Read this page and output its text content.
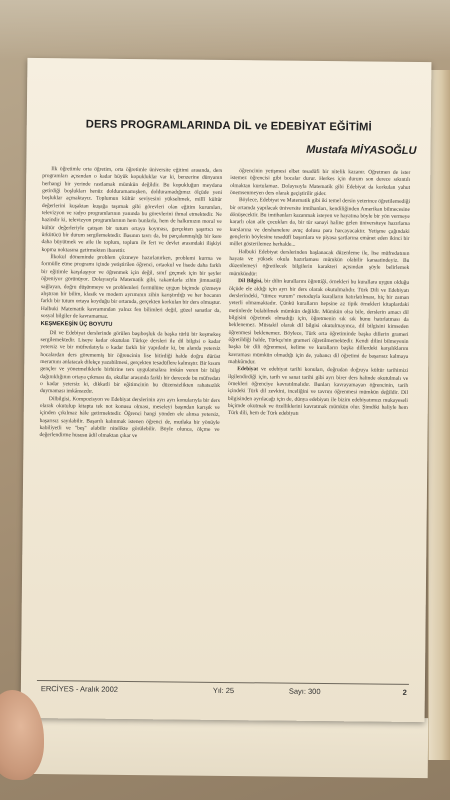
DERS PROGRAMLARINDA DİL ve EDEBİYAT EĞİTİMİ
Mustafa MİYASOĞLU

İlk öğretimle orta öğretim, orta öğretimle üniversite eğitimi arasında, ders programları açısından o kadar büyük kopukluklar var ki, benzerine dünyanın herhangi bir yerinde rastlamak mümkün değildir. Bu kopukluğun meydana getirdiği boşlukları henüz dolduramamışken, dolduramadığımız ölçüde yeni boşluklar açmaktayız. Toplumun kültür seviyesini yükseltmek, millî kültür değerlerini kuşaktan kuşağa taşımak gibi görevleri olan eğitim kurumları, televizyon ve radyo programlarının yanında bu görevlerini ihmal etmektedir. Ne hazindir ki, televizyon programlarının hem bunlarla, hem de halkımızın moral ve kültür değerleriyle çatışan bir tutum ortaya koyması, gerçekten şaşırtıcı ve ürkütücü bir durum sergilemektedir. Basının tavrı da, bu parçalanmışlığı bir kere daha büyütmek ve aile ile toplum, toplum ile fert ve devlet arasındaki ilişkiyi kopma noktasına getirmekten ibarettir.

İlkokul döneminde problem çözmeye hazırlanırken, problemi kurma ve formülle etme programı içinde yetiştirilen öğrenci, ortaokul ve lisede daha farklı bir eğitimle karşılaşıyor ve öğrenmek için değil, sınıf geçmek için bir şeyler öğreniyor görünüyor. Dolayısıyla Matematik gibi, rakamlarla zihin jimnastiği sağlayan, doğru düşünmeye ve problemleri formülüne uygun biçimde çözmeye alıştıran bir bilim, klasik ve modern ayrımının zihin karıştırdığı ve her hocanın farklı bir tutum ortaya koyduğu bir ortamda, gerçekten korkulan bir ders olmuştur. Halbuki Matematik kavramından yalnız fen bilimleri değil, güzel sanatlar da, sosyal bilgiler de kavramamaz.

KEŞMEKEŞİN ÜÇ BOYUTU

Dil ve Edebiyat derslerinde görülen başıboşluk da başka türlü bir keşmekeş sergilemektedir. Liseye kadar okutulan Türkçe dersleri ile dil bilgisi o kadar yetersiz ve bir müfredatıyla o kadar farklı bir yapıdadır ki, bu alanda yetersiz hocalardan ders görememiş bir öğrencinin lise bitirdiği halde doğru dürüst meramını anlatacak dilekçe yazabilmesi, gerçekten tesadüflere kalmıştır. Bir kısım gençler ve yönetmeliklerle birbirine ters uygulamalara imkân veren bir bilgi dağınıklığının ortaya çıkması da, okullar arasında farklı bir derecede bu müfredatı o kadar yetersiz ki, dikkatli bir eğitimcinin bu düzensizlikten rahatsızlık duymaması imkânsızdır.

Dilbilgisi, Kompozisyon ve Edebiyat derslerinin ayrı ayrı konularıyla bir ders olarak okutulup kitapta tek not konusu olması, meseleyi başından karışık ve içinden çıkılmaz hâle getirmektedir. Öğrenci hangi yönden ele alınsa yetersiz, başarısız sayılabilir. Başarılı kalınmak istenen öğrenci de, mutlaka bir yönüyle kabiliyetli ve "beş" alabilir nitelikte görülebilir. Böyle olunca, ölçme ve değerlendirme hususu âdil olmaktan çıkar ve

öğrencinin yetişmesi elbet tesadüfi bir nitelik kazanır. Öğretmen de ister istemez öğrencisi gibi bocalar durur. Herkes için durum son derece sıkıntılı olmaktan kurtulamaz. Dolayısıyla Matematik gibi Edebiyat da korkulan yahut önemsenmeyen ders olarak geçiştirilir gider.

Böylece, Edebiyat ve Matematik gibi iki temel dersin yeterince öğretilemediği bir ortamda yapılacak üniversite imtihanları, kendiliğinden Amerikan bilmecesine dönüşecektir. Bu imtihanları kazanmak isteyen ve hayatına böyle bir yön vermeye kararlı olan aile çocukları da, bir tür sanayi haline gelen üniversiteye hazırlama kurslarına ve dershanelere avuç dolusu para harcayacaktır. Yetişme çağındaki gençlerin böylesine tesadüfî başarılara ve piyasa şartlarına emânet eden ikinci bir millet gösterilemez herhalde...

Halbuki Edebiyat derslerinden başlanacak düzenleme ile, lise müfredatının hayata ve yüksek okula hazırlaması mümkün olabilir kanaatindeyiz. Bu düzenlemeyi öğretilecek bilgilerin karakteri açısından şöyle belirlemek mümkündür:

Dil Bilgisi, bir dilin kurallarını öğrettiği, örnekleri bu kurallara uygun olduğu ölçüde ele aldığı için ayrı bir ders olarak okutulmalıdır. Türk Dili ve Edebiyatı derslerindeki, "tümce vurum" metoduyla kuralların hatırlatılması, hiç bir zaman yeterli olmamaktadır. Çünkü kuralların hepsine az tipik örnekleri kitaplardaki metinlerde bulabilmek mümkün değildir. Mümkün olsa bile, derslerin amacı dil bilgisini öğretmek olmadığı için, öğretmenin sık sık bunu hatırlatması da beklenemez. Müstakil olarak dil bilgisi okutulmayınca, dil bilgisini kimseden öğrenmesi beklenemez. Böylece, Türk orta öğretiminde başka dillerin grameri öğretildiği halde, Türkçe'nin grameri öğretilmemektedir. Kendi dilini bilmeyenin başka bir dili öğrenmesi, kelime ve kuralların başka dillerdeki karşılıklarını kavraması mümkün olmadığı için de, yabancı dil öğretimi de başarısız kalmaya mahkûmdur.

Edebiyat ve edebiyat tarihi konuları, doğrudan doğruya kültür tarihimizi ilgilendirdiği için, tarih ve sanat tarihi gibi ayrı birer ders halinde okutulmalı ve örnekleri öğrenciye kavratılmalıdır. Bunları kavrayamayan öğrencinin, tarih içindeki Türk dil zevkini, inceliğini ve tavrını öğrenmesi mümkün değildir. Dil bilgisinden ayrılacağı için de, dünya edebiyatı ile bizim edebiyatımızı mukayeseli biçimde okutmak ve özelliklerini kavratmak mümkün olur. Şimdiki haliyle hem Türk dili, hem de Türk edebiyatı

ERCİYES - Aralık 2002	Yıl: 25	Sayı: 300	2
